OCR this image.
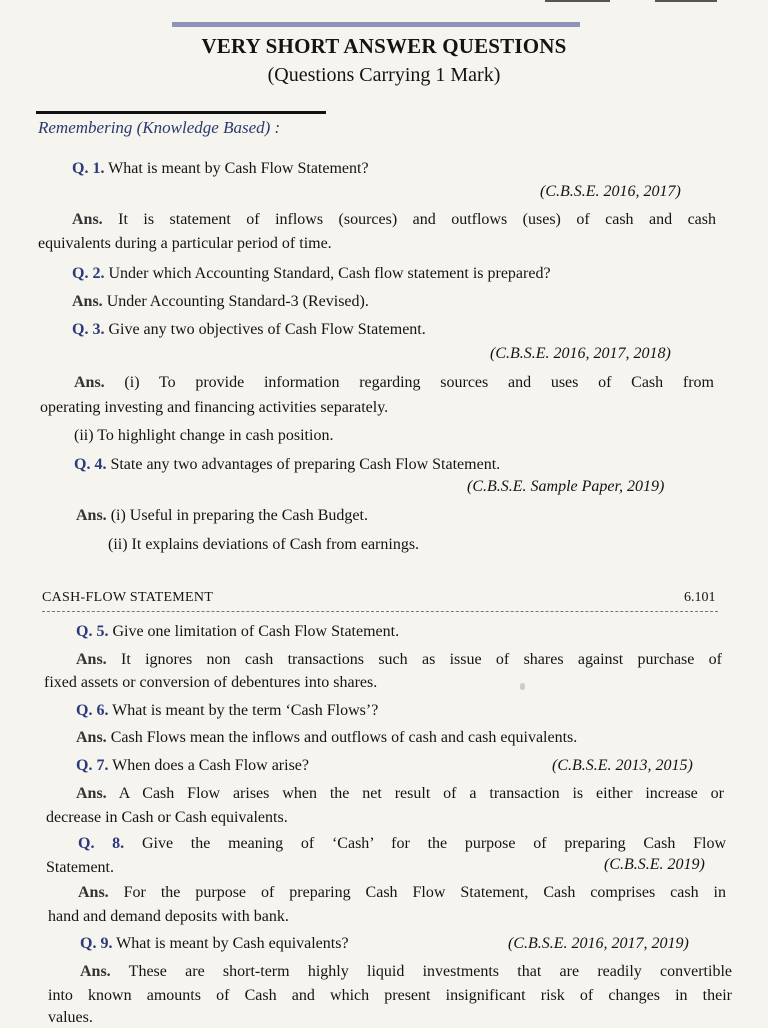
VERY SHORT ANSWER QUESTIONS
(Questions Carrying 1 Mark)
Remembering (Knowledge Based) :
Q. 1. What is meant by Cash Flow Statement?
(C.B.S.E. 2016, 2017)
Ans. It is statement of inflows (sources) and outflows (uses) of cash and cash
equivalents during a particular period of time.
Q. 2. Under which Accounting Standard, Cash flow statement is prepared?
Ans. Under Accounting Standard-3 (Revised).
Q. 3. Give any two objectives of Cash Flow Statement.
(C.B.S.E. 2016, 2017, 2018)
Ans. (i) To provide information regarding sources and uses of Cash from
operating investing and financing activities separately.
(ii) To highlight change in cash position.
Q. 4. State any two advantages of preparing Cash Flow Statement.
(C.B.S.E. Sample Paper, 2019)
Ans. (i) Useful in preparing the Cash Budget.
(ii) It explains deviations of Cash from earnings.
CASH-FLOW STATEMENT	6.101
Q. 5. Give one limitation of Cash Flow Statement.
Ans. It ignores non cash transactions such as issue of shares against purchase of
fixed assets or conversion of debentures into shares.
Q. 6. What is meant by the term ‘Cash Flows’?
Ans. Cash Flows mean the inflows and outflows of cash and cash equivalents.
Q. 7. When does a Cash Flow arise?	(C.B.S.E. 2013, 2015)
Ans. A Cash Flow arises when the net result of a transaction is either increase or
decrease in Cash or Cash equivalents.
Q. 8. Give the meaning of ‘Cash’ for the purpose of preparing Cash Flow
Statement.	(C.B.S.E. 2019)
Ans. For the purpose of preparing Cash Flow Statement, Cash comprises cash in
hand and demand deposits with bank.
Q. 9. What is meant by Cash equivalents?	(C.B.S.E. 2016, 2017, 2019)
Ans. These are short-term highly liquid investments that are readily convertible
into known amounts of Cash and which present insignificant risk of changes in their
values.
